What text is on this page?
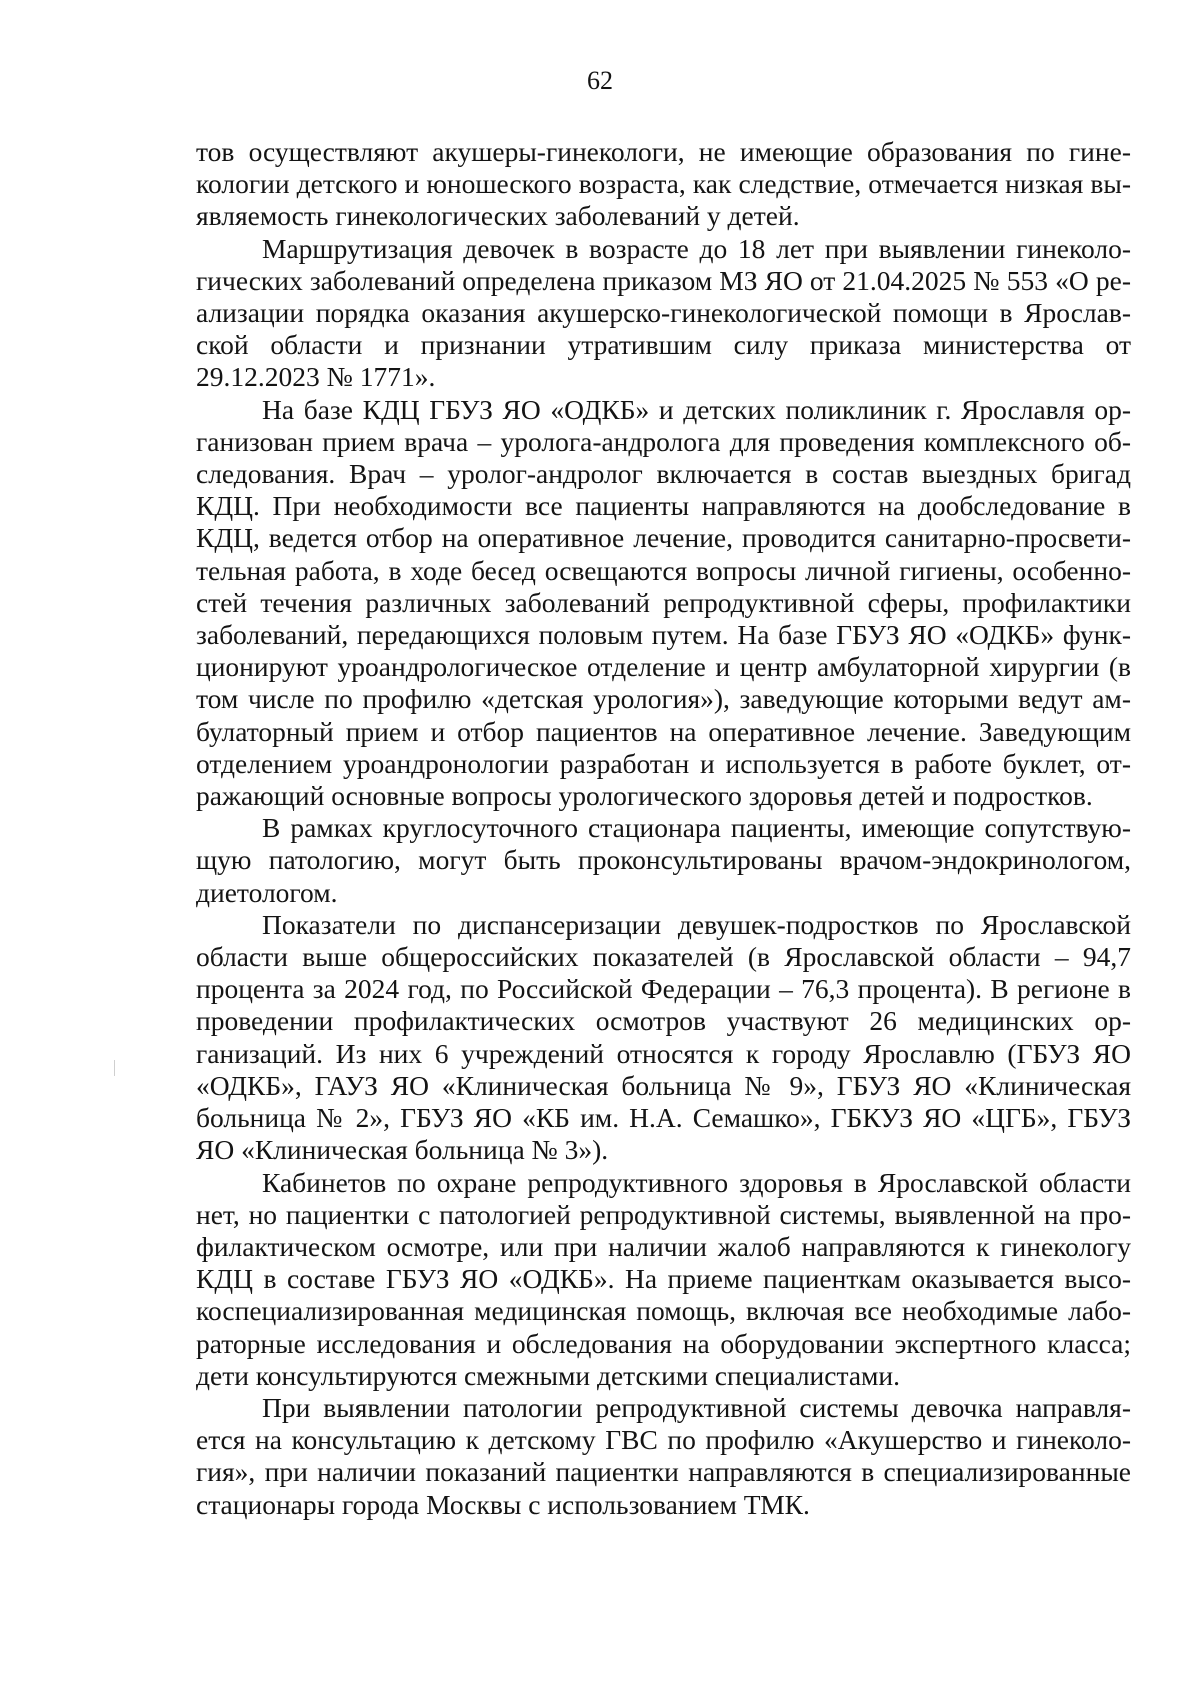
62

тов осуществляют акушеры-гинекологи, не имеющие образования по гинекологии детского и юношеского возраста, как следствие, отмечается низкая выявляемость гинекологических заболеваний у детей.

Маршрутизация девочек в возрасте до 18 лет при выявлении гинекологических заболеваний определена приказом МЗ ЯО от 21.04.2025 № 553 «О реализации порядка оказания акушерско-гинекологической помощи в Ярославской области и признании утратившим силу приказа министерства от 29.12.2023 № 1771».

На базе КДЦ ГБУЗ ЯО «ОДКБ» и детских поликлиник г. Ярославля организован прием врача – уролога-андролога для проведения комплексного обследования. Врач – уролог-андролог включается в состав выездных бригад КДЦ. При необходимости все пациенты направляются на дообследование в КДЦ, ведется отбор на оперативное лечение, проводится санитарно-просветительная работа, в ходе бесед освещаются вопросы личной гигиены, особенностей течения различных заболеваний репродуктивной сферы, профилактики заболеваний, передающихся половым путем. На базе ГБУЗ ЯО «ОДКБ» функционируют уроандрологическое отделение и центр амбулаторной хирургии (в том числе по профилю «детская урология»), заведующие которыми ведут амбулаторный прием и отбор пациентов на оперативное лечение. Заведующим отделением уроандронологии разработан и используется в работе буклет, отражающий основные вопросы урологического здоровья детей и подростков.

В рамках круглосуточного стационара пациенты, имеющие сопутствующую патологию, могут быть проконсультированы врачом-эндокринологом, диетологом.

Показатели по диспансеризации девушек-подростков по Ярославской области выше общероссийских показателей (в Ярославской области – 94,7 процента за 2024 год, по Российской Федерации – 76,3 процента). В регионе в проведении профилактических осмотров участвуют 26 медицинских организаций. Из них 6 учреждений относятся к городу Ярославлю (ГБУЗ ЯО «ОДКБ», ГАУЗ ЯО «Клиническая больница № 9», ГБУЗ ЯО «Клиническая больница № 2», ГБУЗ ЯО «КБ им. Н.А. Семашко», ГБКУЗ ЯО «ЦГБ», ГБУЗ ЯО «Клиническая больница № 3»).

Кабинетов по охране репродуктивного здоровья в Ярославской области нет, но пациентки с патологией репродуктивной системы, выявленной на профилактическом осмотре, или при наличии жалоб направляются к гинекологу КДЦ в составе ГБУЗ ЯО «ОДКБ». На приеме пациенткам оказывается высокоспециализированная медицинская помощь, включая все необходимые лабораторные исследования и обследования на оборудовании экспертного класса; дети консультируются смежными детскими специалистами.

При выявлении патологии репродуктивной системы девочка направляется на консультацию к детскому ГВС по профилю «Акушерство и гинекология», при наличии показаний пациентки направляются в специализированные стационары города Москвы с использованием ТМК.
